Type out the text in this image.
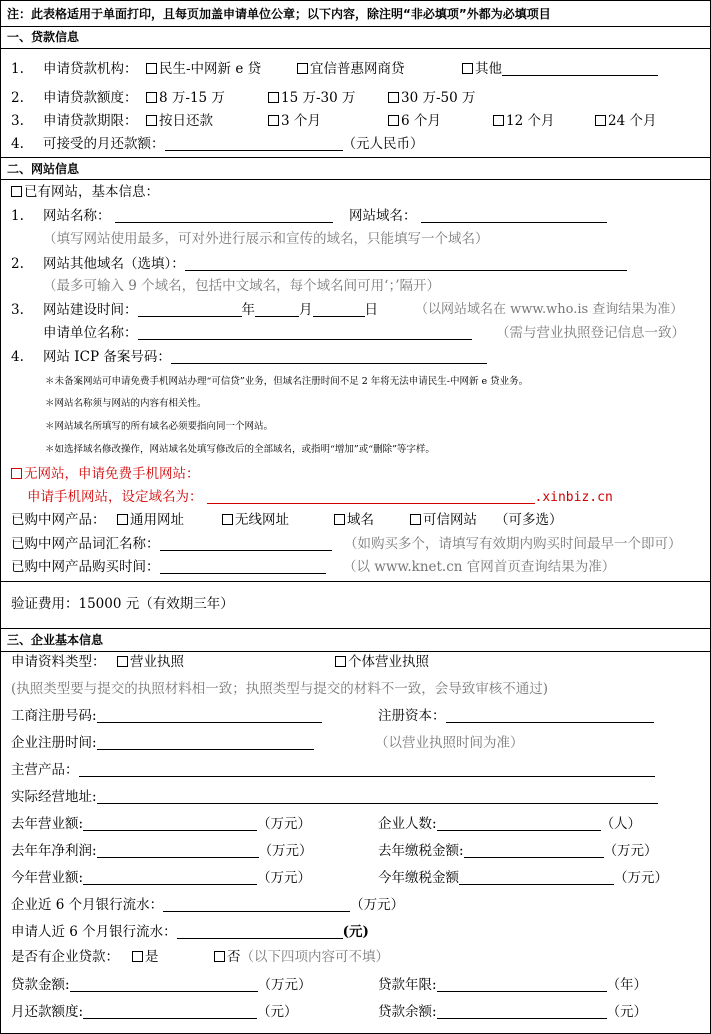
注：此表格适用于单面打印，且每页加盖申请单位公章；以下内容，除注明“非必填项”外都为必填项目
一、贷款信息
1. 申请贷款机构：	民生-中网新 e 贷	宜信普惠网商贷	其他
2. 申请贷款额度：	8 万-15 万	15 万-30 万	30 万-50 万
3. 申请贷款期限：	按日还款	3 个月	6 个月	12 个月	24 个月
4. 可接受的月还款额：	（元人民币）
二、网站信息
已有网站，基本信息：
1. 网站名称：	网站域名：
（填写网站使用最多，可对外进行展示和宣传的域名，只能填写一个域名）
2. 网站其他域名（选填）：
（最多可输入 9 个域名，包括中文域名，每个域名间可用‘；’隔开）
3. 网站建设时间：	年	月	日	（以网站域名在 www.who.is 查询结果为准）
申请单位名称：	（需与营业执照登记信息一致）
4. 网站 ICP 备案号码：
＊未备案网站可申请免费手机网站办理“可信贷”业务，但域名注册时间不足 2 年将无法申请民生-中网新 e 贷业务。
＊网站名称须与网站的内容有相关性。
＊网站域名所填写的所有域名必须要指向同一个网站。
＊如选择域名修改操作，网站域名处填写修改后的全部域名，或指明“增加”或“删除”等字样。
无网站，申请免费手机网站：
申请手机网站，设定域名为：	.xinbiz.cn
已购中网产品：	通用网址	无线网址	域名	可信网站 （可多选）
已购中网产品词汇名称：	（如购买多个，请填写有效期内购买时间最早一个即可）
已购中网产品购买时间：	（以 www.knet.cn 官网首页查询结果为准）
验证费用：15000 元（有效期三年）
三、企业基本信息
申请资料类型：	营业执照	个体营业执照
(执照类型要与提交的执照材料相一致；执照类型与提交的材料不一致，会导致审核不通过)
工商注册号码:	注册资本：
企业注册时间:	（以营业执照时间为准）
主营产品：
实际经营地址:
去年营业额:	（万元）	企业人数:	（人）
去年年净利润:	（万元）	去年缴税金额:	（万元）
今年营业额:	（万元）	今年缴税金额	（万元）
企业近 6 个月银行流水：	（万元）
申请人近 6 个月银行流水：	(元)
是否有企业贷款：	是	否（以下四项内容可不填）
贷款金额:	（万元）	贷款年限:	（年）
月还款额度:	（元）	贷款余额:	（元）
